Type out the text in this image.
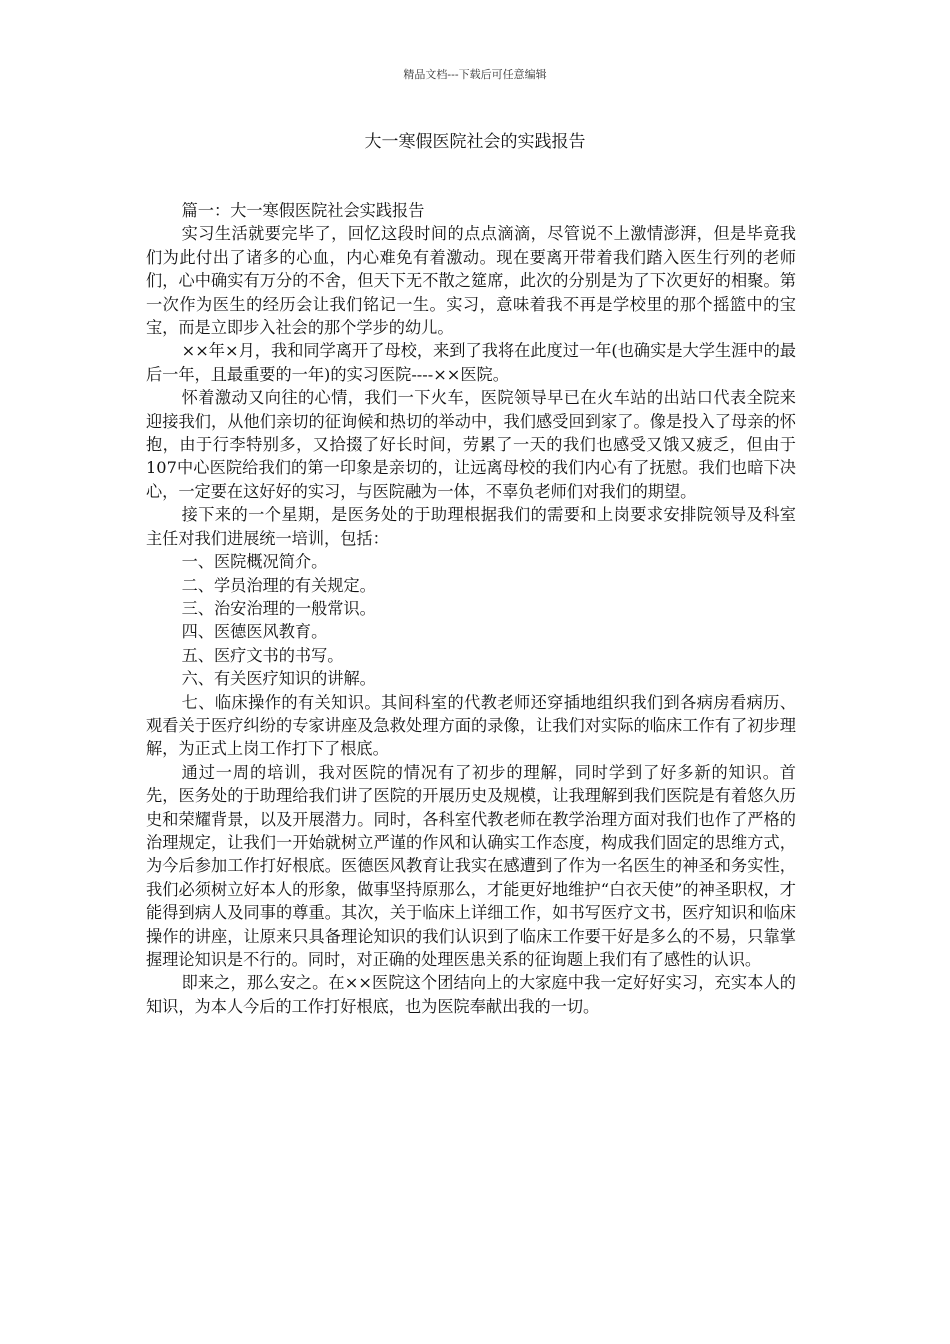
精品文档---下载后可任意编辑
大一寒假医院社会的实践报告

篇一：大一寒假医院社会实践报告

实习生活就要完毕了，回忆这段时间的点点滴滴，尽管说不上激情澎湃，但是毕竟我们为此付出了诸多的心血，内心难免有着激动。现在要离开带着我们踏入医生行列的老师们，心中确实有万分的不舍，但天下无不散之筵席，此次的分别是为了下次更好的相聚。第一次作为医生的经历会让我们铭记一生。实习，意味着我不再是学校里的那个摇篮中的宝宝，而是立即步入社会的那个学步的幼儿。

××年×月，我和同学离开了母校，来到了我将在此度过一年(也确实是大学生涯中的最后一年，且最重要的一年)的实习医院----××医院。

怀着激动又向往的心情，我们一下火车，医院领导早已在火车站的出站口代表全院来迎接我们，从他们亲切的征询候和热切的举动中，我们感受回到家了。像是投入了母亲的怀抱，由于行李特别多，又拾掇了好长时间，劳累了一天的我们也感受又饿又疲乏，但由于107中心医院给我们的第一印象是亲切的，让远离母校的我们内心有了抚慰。我们也暗下决心，一定要在这好好的实习，与医院融为一体，不辜负老师们对我们的期望。

接下来的一个星期，是医务处的于助理根据我们的需要和上岗要求安排院领导及科室主任对我们进展统一培训，包括：

一、医院概况简介。

二、学员治理的有关规定。

三、治安治理的一般常识。

四、医德医风教育。

五、医疗文书的书写。

六、有关医疗知识的讲解。

七、临床操作的有关知识。其间科室的代教老师还穿插地组织我们到各病房看病历、观看关于医疗纠纷的专家讲座及急救处理方面的录像，让我们对实际的临床工作有了初步理解，为正式上岗工作打下了根底。

通过一周的培训，我对医院的情况有了初步的理解，同时学到了好多新的知识。首先，医务处的于助理给我们讲了医院的开展历史及规模，让我理解到我们医院是有着悠久历史和荣耀背景，以及开展潜力。同时，各科室代教老师在教学治理方面对我们也作了严格的治理规定，让我们一开始就树立严谨的作风和认确实工作态度，构成我们固定的思维方式，为今后参加工作打好根底。医德医风教育让我实在感遭到了作为一名医生的神圣和务实性，我们必须树立好本人的形象，做事坚持原那么，才能更好地维护“白衣天使”的神圣职权，才能得到病人及同事的尊重。其次，关于临床上详细工作，如书写医疗文书，医疗知识和临床操作的讲座，让原来只具备理论知识的我们认识到了临床工作要干好是多么的不易，只靠掌握理论知识是不行的。同时，对正确的处理医患关系的征询题上我们有了感性的认识。

即来之，那么安之。在××医院这个团结向上的大家庭中我一定好好实习，充实本人的知识，为本人今后的工作打好根底，也为医院奉献出我的一切。
